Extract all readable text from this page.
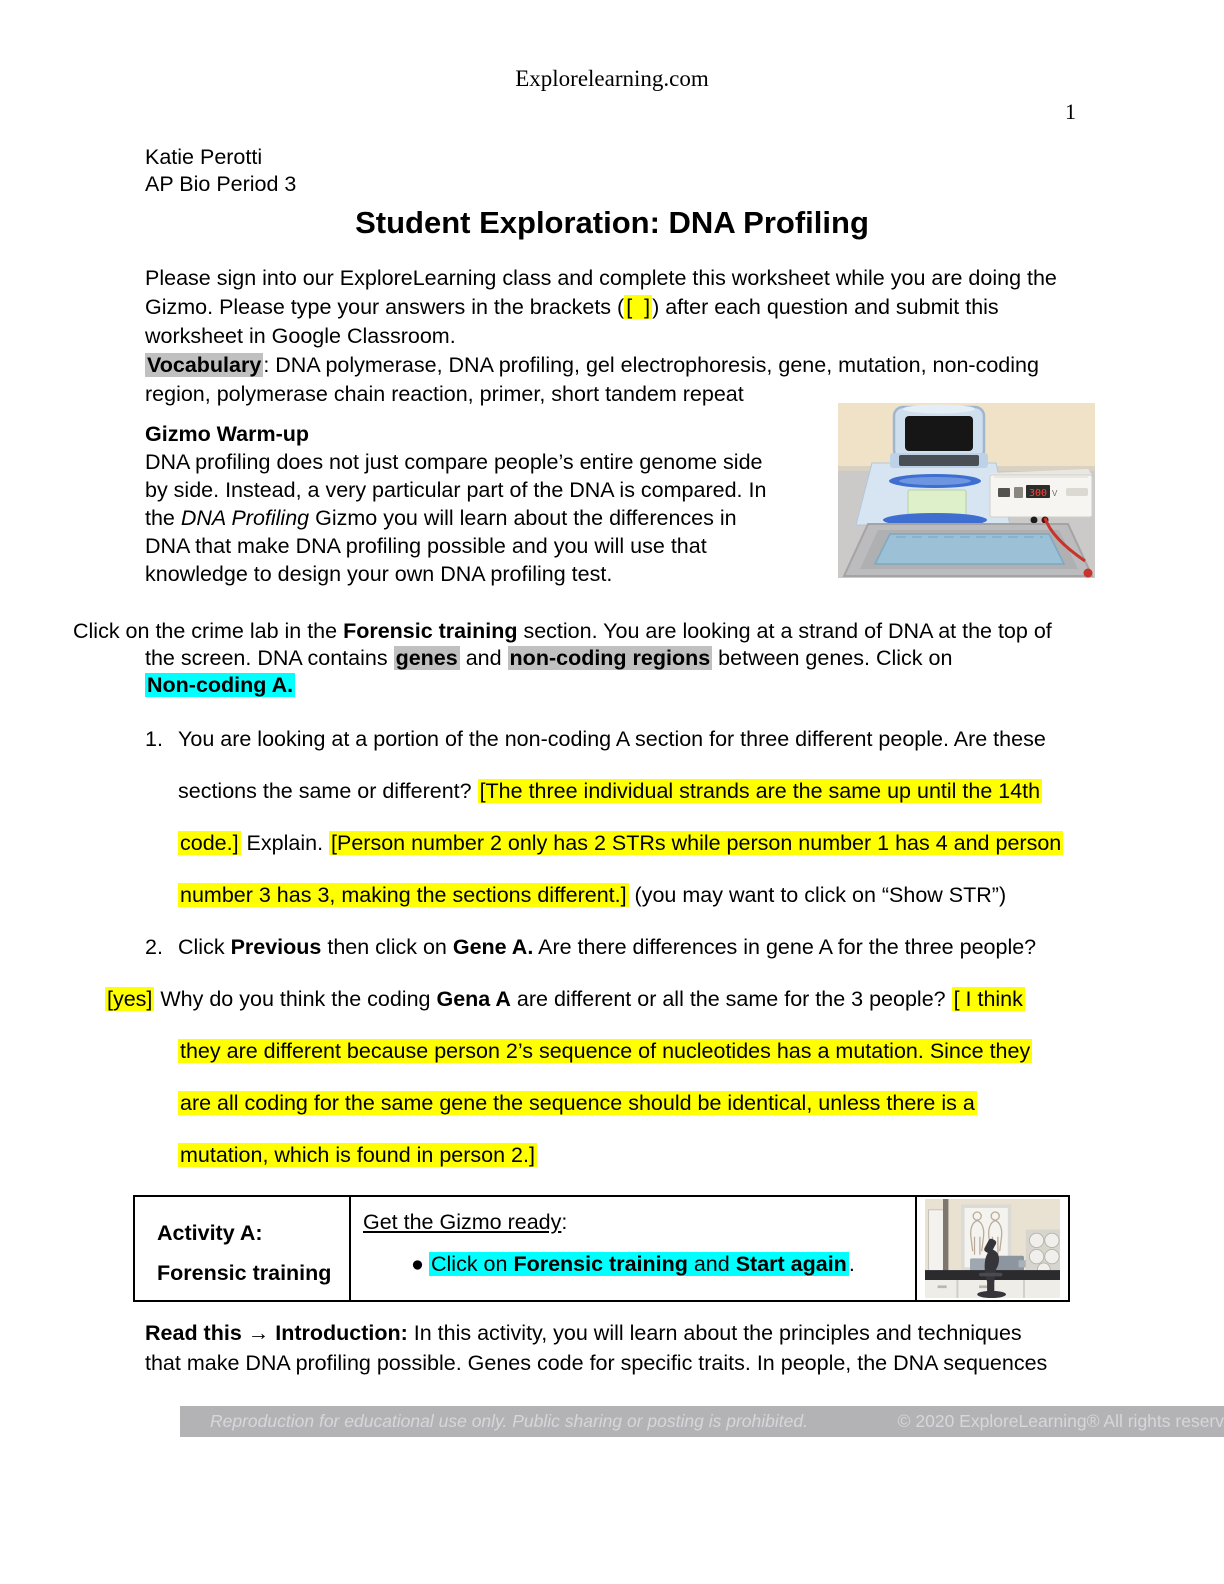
Explorelearning.com
1
Katie Perotti
AP Bio Period 3
Student Exploration: DNA Profiling
Please sign into our ExploreLearning class and complete this worksheet while you are doing the
Gizmo. Please type your answers in the brackets ([  ]) after each question and submit this
worksheet in Google Classroom.
Vocabulary: DNA polymerase, DNA profiling, gel electrophoresis, gene, mutation, non-coding
region, polymerase chain reaction, primer, short tandem repeat
Gizmo Warm-up
DNA profiling does not just compare people’s entire genome side
by side. Instead, a very particular part of the DNA is compared. In
the DNA Profiling Gizmo you will learn about the differences in
DNA that make DNA profiling possible and you will use that
knowledge to design your own DNA profiling test.
300 V
Click on the crime lab in the Forensic training section. You are looking at a strand of DNA at the top of
the screen. DNA contains genes and non-coding regions between genes. Click on
Non-coding A.
1. You are looking at a portion of the non-coding A section for three different people. Are these
sections the same or different? [The three individual strands are the same up until the 14th
code.] Explain. [Person number 2 only has 2 STRs while person number 1 has 4 and person
number 3 has 3, making the sections different.] (you may want to click on “Show STR”)
2. Click Previous then click on Gene A. Are there differences in gene A for the three people?
[yes] Why do you think the coding Gena A are different or all the same for the 3 people? [ I think
they are different because person 2’s sequence of nucleotides has a mutation. Since they
are all coding for the same gene the sequence should be identical, unless there is a
mutation, which is found in person 2.]
Activity A:
Forensic training

Get the Gizmo ready:
● Click on Forensic training and Start again.

Read this → Introduction: In this activity, you will learn about the principles and techniques
that make DNA profiling possible. Genes code for specific traits. In people, the DNA sequences
Reproduction for educational use only. Public sharing or posting is prohibited.	© 2020 ExploreLearning® All rights reserv
